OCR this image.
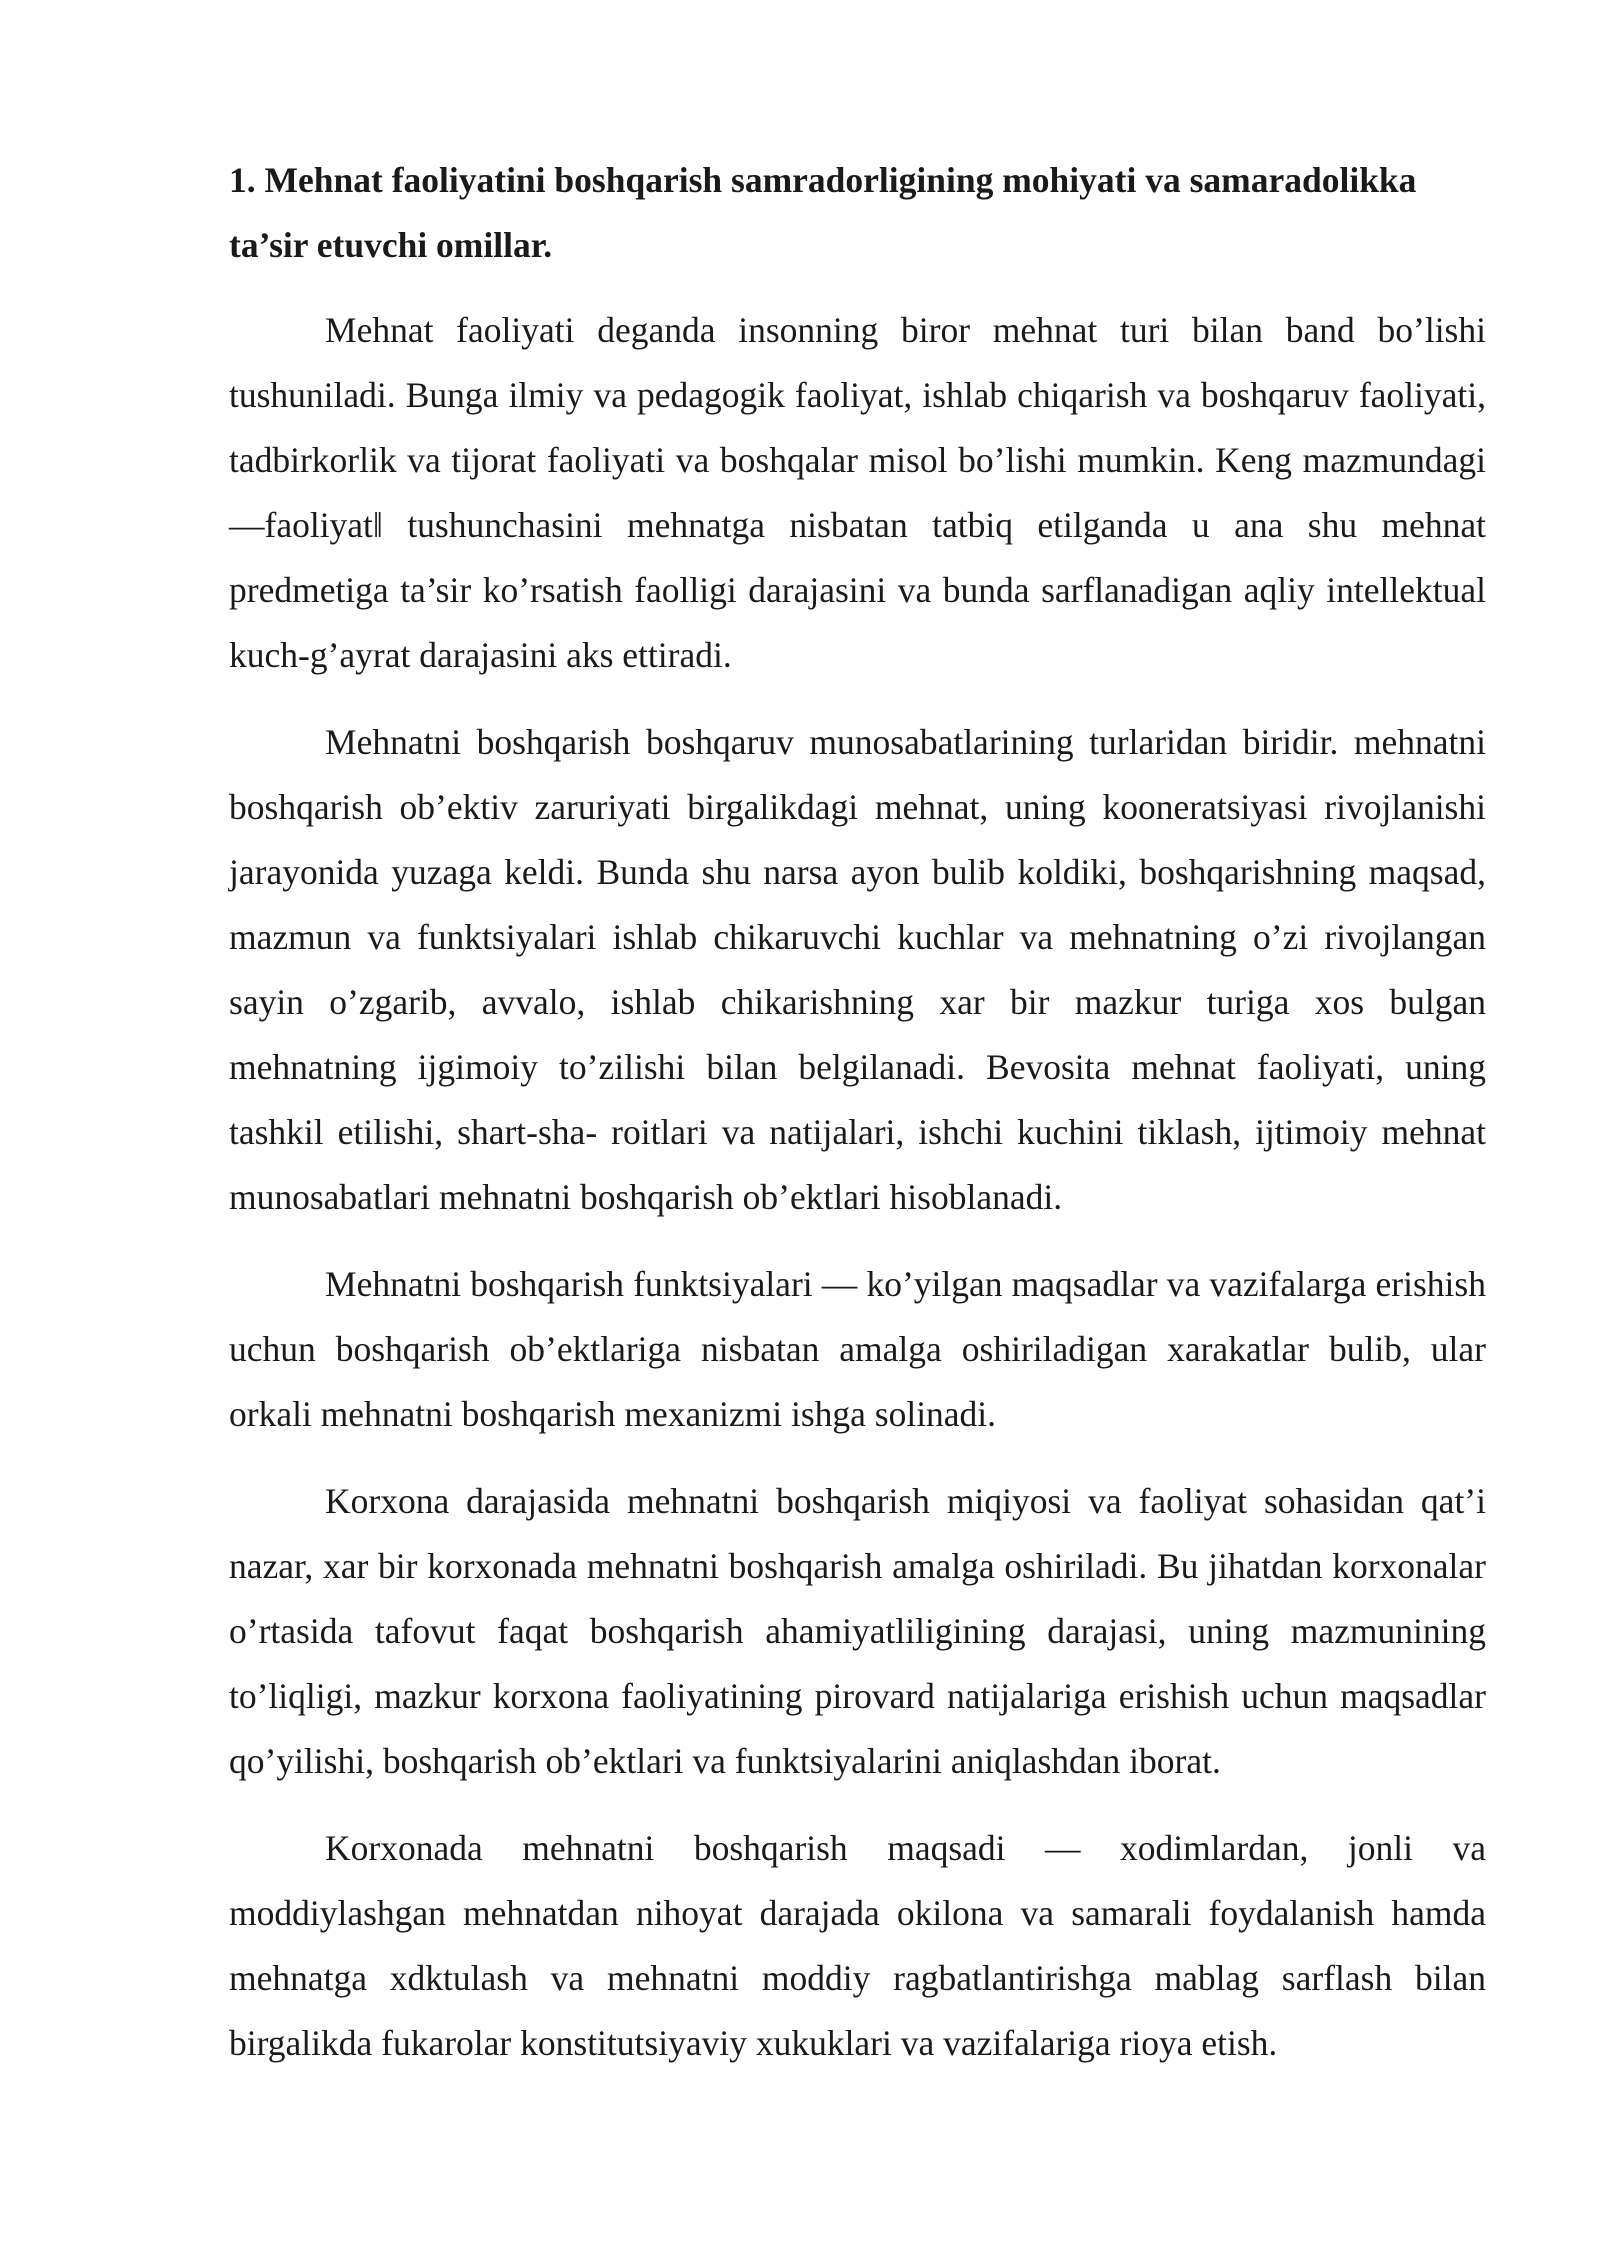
1. Mehnat faoliyatini boshqarish samradorligining mohiyati va samaradolikka ta’sir etuvchi omillar.

Mehnat faoliyati deganda insonning biror mehnat turi bilan band bo’lishi tushuniladi. Bunga ilmiy va pedagogik faoliyat, ishlab chiqarish va boshqaruv faoliyati, tadbirkorlik va tijorat faoliyati va boshqalar misol bo’lishi mumkin. Keng mazmundagi ―faoliyat‖ tushunchasini mehnatga nisbatan tatbiq etilganda u ana shu mehnat predmetiga ta’sir ko’rsatish faolligi darajasini va bunda sarflanadigan aqliy intellektual kuch-g’ayrat darajasini aks ettiradi.

Mehnatni boshqarish boshqaruv munosabatlarining turlaridan biridir. mehnatni boshqarish ob’ektiv zaruriyati birgalikdagi mehnat, uning kooneratsiyasi rivojlanishi jarayonida yuzaga keldi. Bunda shu narsa ayon bulib koldiki, boshqarishning maqsad, mazmun va funktsiyalari ishlab chikaruvchi kuchlar va mehnatning o’zi rivojlangan sayin o’zgarib, avvalo, ishlab chikarishning xar bir mazkur turiga xos bulgan mehnatning ijgimoiy to’zilishi bilan belgilanadi. Bevosita mehnat faoliyati, uning tashkil etilishi, shart-sha- roitlari va natijalari, ishchi kuchini tiklash, ijtimoiy mehnat munosabatlari mehnatni boshqarish ob’ektlari hisoblanadi.

Mehnatni boshqarish funktsiyalari — ko’yilgan maqsadlar va vazifalarga erishish uchun boshqarish ob’ektlariga nisbatan amalga oshiriladigan xarakatlar bulib, ular orkali mehnatni boshqarish mexanizmi ishga solinadi.

Korxona darajasida mehnatni boshqarish miqiyosi va faoliyat sohasidan qat’i nazar, xar bir korxonada mehnatni boshqarish amalga oshiriladi. Bu jihatdan korxonalar o’rtasida tafovut faqat boshqarish ahamiyatliligining darajasi, uning mazmunining to’liqligi, mazkur korxona faoliyatining pirovard natijalariga erishish uchun maqsadlar qo’yilishi, boshqarish ob’ektlari va funktsiyalarini aniqlashdan iborat.

Korxonada mehnatni boshqarish maqsadi — xodimlardan, jonli va moddiylashgan mehnatdan nihoyat darajada okilona va samarali foydalanish hamda mehnatga xdktulash va mehnatni moddiy ragbatlantirishga mablag sarflash bilan birgalikda fukarolar konstitutsiyaviy xukuklari va vazifalariga rioya etish.
